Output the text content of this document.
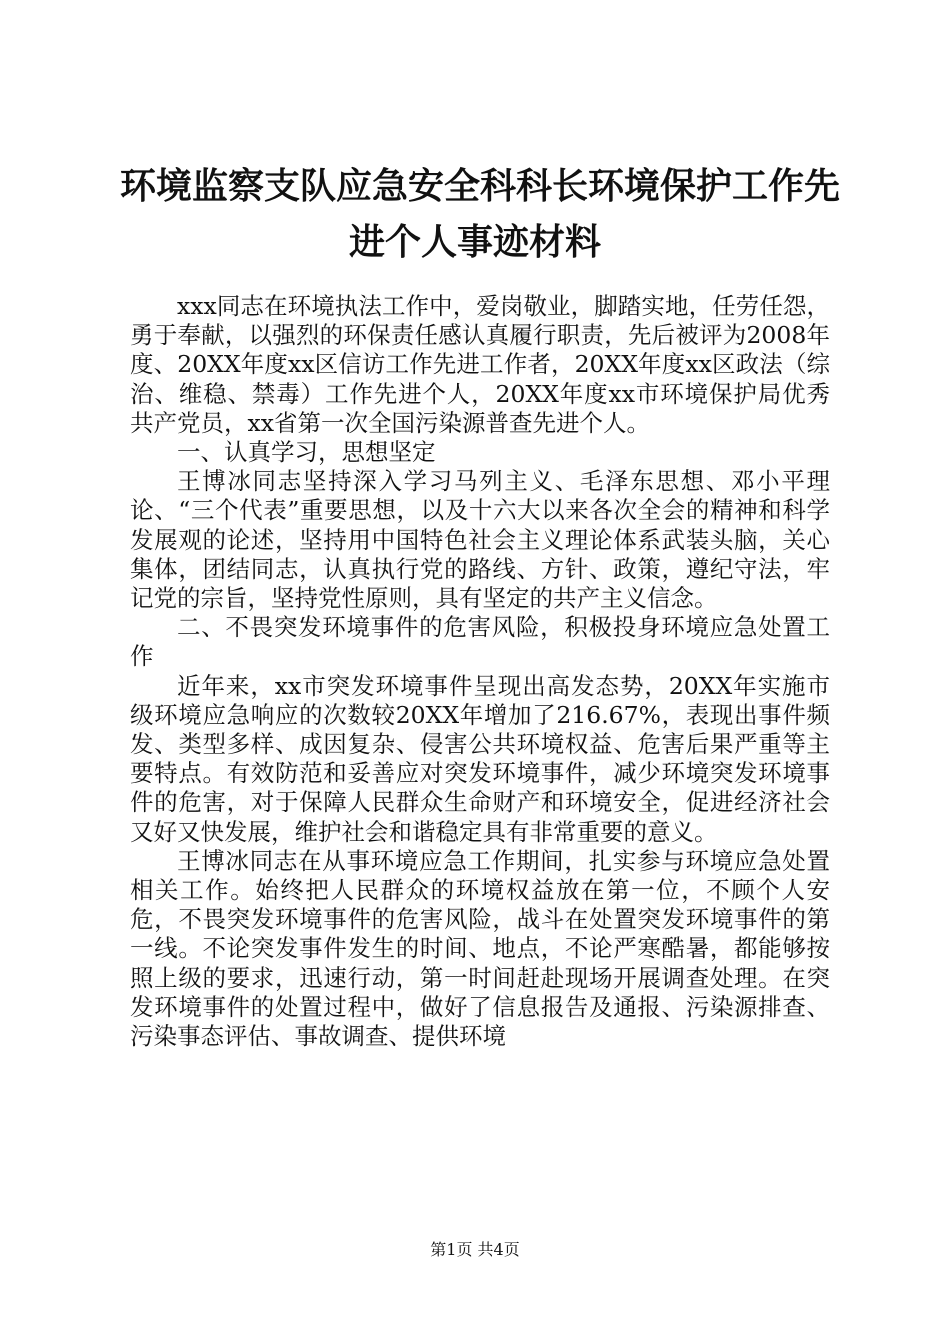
环境监察支队应急安全科科长环境保护工作先
进个人事迹材料

xxx同志在环境执法工作中，爱岗敬业，脚踏实地，任劳任怨，勇于奉献，以强烈的环保责任感认真履行职责，先后被评为2008年度、20XX年度xx区信访工作先进工作者，20XX年度xx区政法（综治、维稳、禁毒）工作先进个人，20XX年度xx市环境保护局优秀共产党员，xx省第一次全国污染源普查先进个人。

一、认真学习，思想坚定

王博冰同志坚持深入学习马列主义、毛泽东思想、邓小平理论、“三个代表”重要思想，以及十六大以来各次全会的精神和科学发展观的论述，坚持用中国特色社会主义理论体系武装头脑，关心集体，团结同志，认真执行党的路线、方针、政策，遵纪守法，牢记党的宗旨，坚持党性原则，具有坚定的共产主义信念。

二、不畏突发环境事件的危害风险，积极投身环境应急处置工作

近年来，xx市突发环境事件呈现出高发态势，20XX年实施市级环境应急响应的次数较20XX年增加了216.67%，表现出事件频发、类型多样、成因复杂、侵害公共环境权益、危害后果严重等主要特点。有效防范和妥善应对突发环境事件，减少环境突发环境事件的危害，对于保障人民群众生命财产和环境安全，促进经济社会又好又快发展，维护社会和谐稳定具有非常重要的意义。

王博冰同志在从事环境应急工作期间，扎实参与环境应急处置相关工作。始终把人民群众的环境权益放在第一位，不顾个人安危，不畏突发环境事件的危害风险，战斗在处置突发环境事件的第一线。不论突发事件发生的时间、地点，不论严寒酷暑，都能够按照上级的要求，迅速行动，第一时间赶赴现场开展调查处理。在突发环境事件的处置过程中，做好了信息报告及通报、污染源排查、污染事态评估、事故调查、提供环境

第1页 共4页
